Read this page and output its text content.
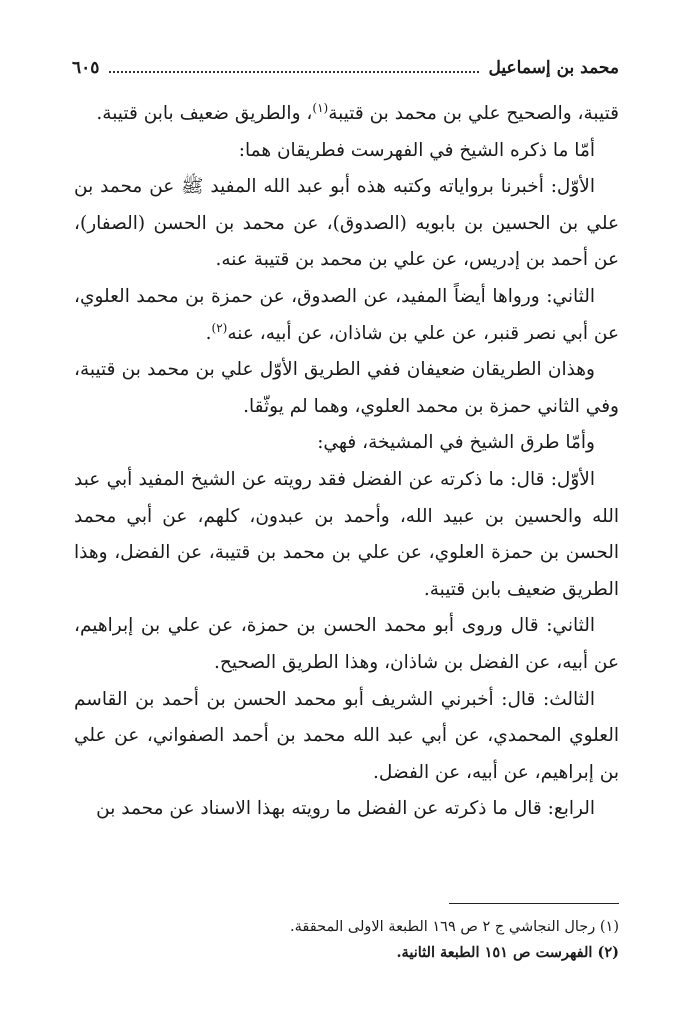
محمد بن إسماعيل
٦٠٥

قتيبة، والصحيح علي بن محمد بن قتيبة$^{(١)}$، والطريق ضعيف بابن قتيبة.

أمّا ما ذكره الشيخ في الفهرست فطريقان هما:

الأوّل: أخبرنا برواياته وكتبه هذه أبو عبد الله المفيد ﷺ عن محمد بن علي بن الحسين بن بابويه (الصدوق)، عن محمد بن الحسن (الصفار)، عن أحمد بن إدريس، عن علي بن محمد بن قتيبة عنه.

الثاني: ورواها أيضاً المفيد، عن الصدوق، عن حمزة بن محمد العلوي، عن أبي نصر قنبر، عن علي بن شاذان، عن أبيه، عنه$^{(٢)}$.

وهذان الطريقان ضعيفان ففي الطريق الأوّل علي بن محمد بن قتيبة، وفي الثاني حمزة بن محمد العلوي، وهما لم يوثّقا.

وأمّا طرق الشيخ في المشيخة، فهي:

الأوّل: قال: ما ذكرته عن الفضل فقد رويته عن الشيخ المفيد أبي عبد الله والحسين بن عبيد الله، وأحمد بن عبدون، كلهم، عن أبي محمد الحسن بن حمزة العلوي، عن علي بن محمد بن قتيبة، عن الفضل، وهذا الطريق ضعيف بابن قتيبة.

الثاني: قال وروى أبو محمد الحسن بن حمزة، عن علي بن إبراهيم، عن أبيه، عن الفضل بن شاذان، وهذا الطريق الصحيح.

الثالث: قال: أخبرني الشريف أبو محمد الحسن بن أحمد بن القاسم العلوي المحمدي، عن أبي عبد الله محمد بن أحمد الصفواني، عن علي بن إبراهيم، عن أبيه، عن الفضل.

الرابع: قال ما ذكرته عن الفضل ما رويته بهذا الاسناد عن محمد بن

(١) رجال النجاشي ج ٢ ص ١٦٩ الطبعة الاولى المحققة.
(٢) الفهرست ص ١٥١ الطبعة الثانية.
